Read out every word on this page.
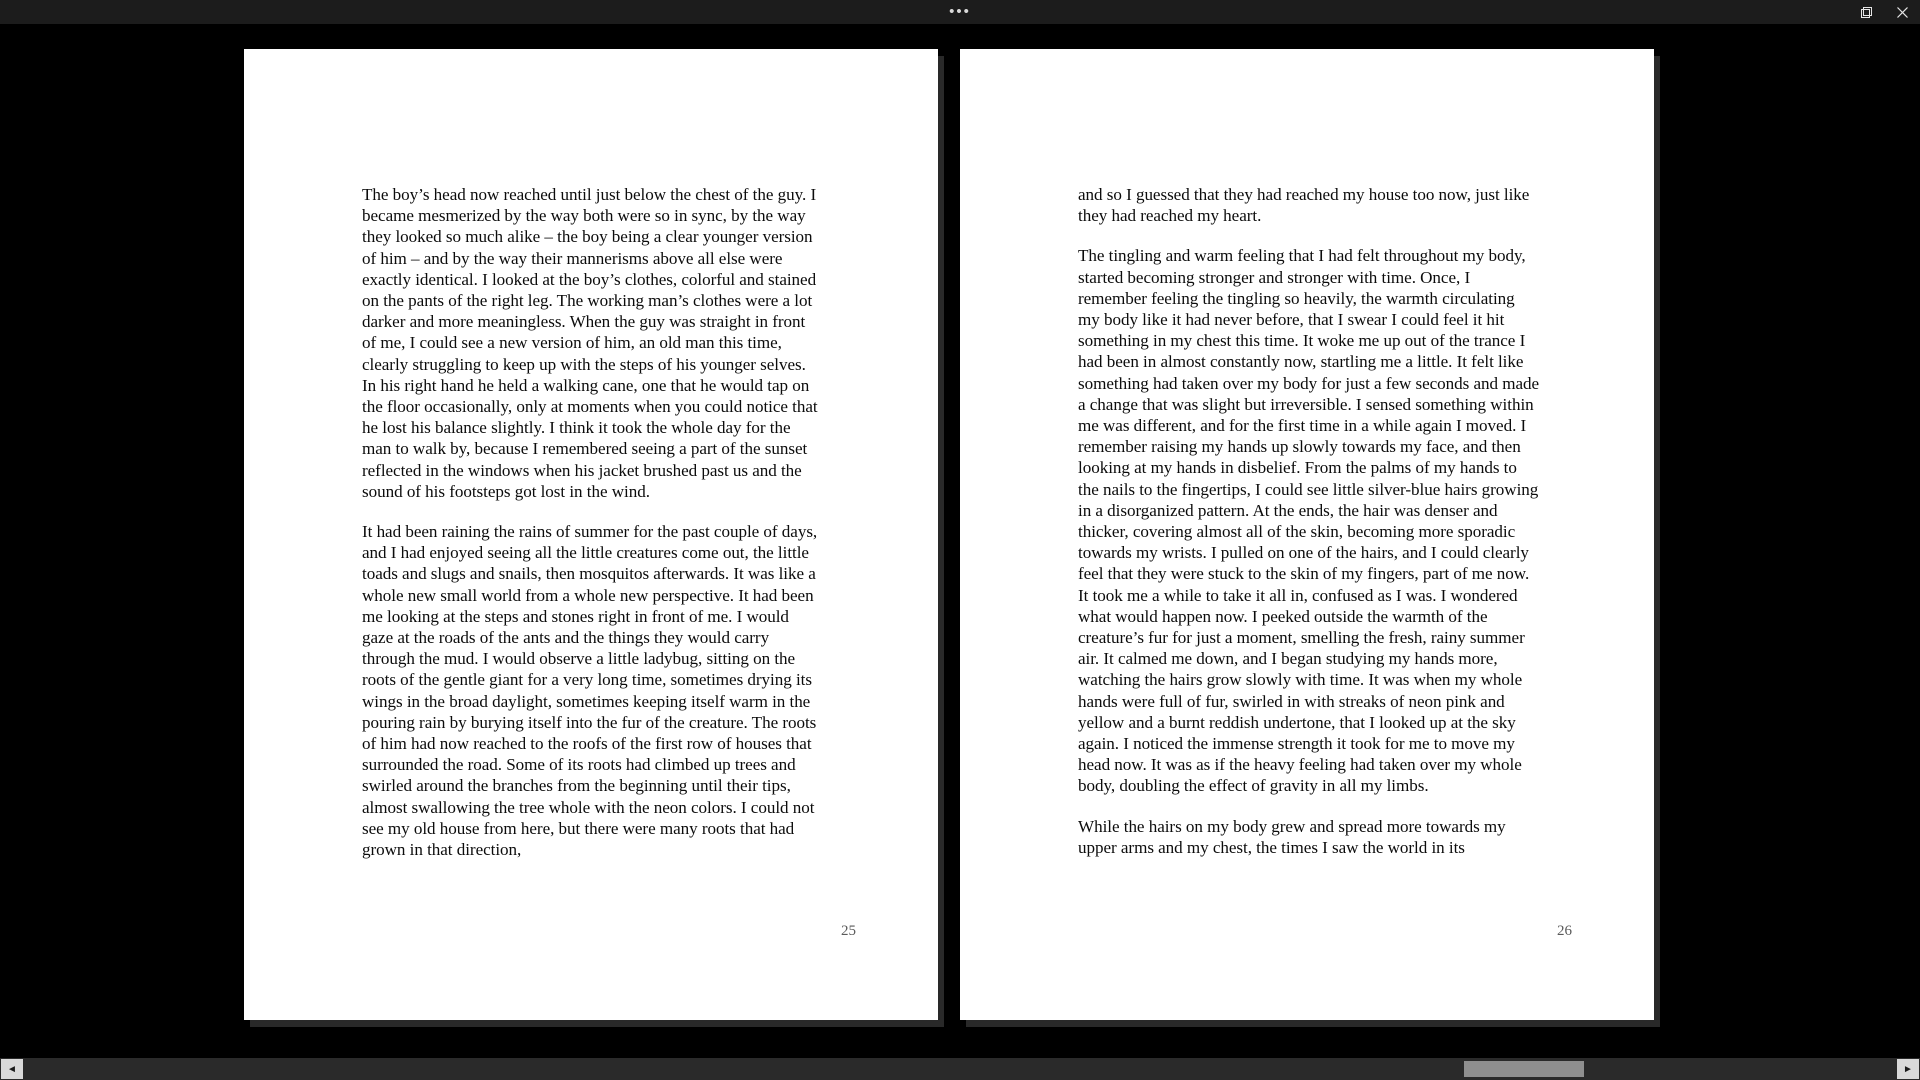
•••

The boy’s head now reached until just below the chest of the guy. I became mesmerized by the way both were so in sync, by the way they looked so much alike – the boy being a clear younger version of him – and by the way their mannerisms above all else were exactly identical. I looked at the boy’s clothes, colorful and stained on the pants of the right leg. The working man’s clothes were a lot darker and more meaningless. When the guy was straight in front of me, I could see a new version of him, an old man this time, clearly struggling to keep up with the steps of his younger selves. In his right hand he held a walking cane, one that he would tap on the floor occasionally, only at moments when you could notice that he lost his balance slightly. I think it took the whole day for the man to walk by, because I remembered seeing a part of the sunset reflected in the windows when his jacket brushed past us and the sound of his footsteps got lost in the wind.

It had been raining the rains of summer for the past couple of days, and I had enjoyed seeing all the little creatures come out, the little toads and slugs and snails, then mosquitos afterwards. It was like a whole new small world from a whole new perspective. It had been me looking at the steps and stones right in front of me. I would gaze at the roads of the ants and the things they would carry through the mud. I would observe a little ladybug, sitting on the roots of the gentle giant for a very long time, sometimes drying its wings in the broad daylight, sometimes keeping itself warm in the pouring rain by burying itself into the fur of the creature. The roots of him had now reached to the roofs of the first row of houses that surrounded the road. Some of its roots had climbed up trees and swirled around the branches from the beginning until their tips, almost swallowing the tree whole with the neon colors. I could not see my old house from here, but there were many roots that had grown in that direction,

25

and so I guessed that they had reached my house too now, just like they had reached my heart.

The tingling and warm feeling that I had felt throughout my body, started becoming stronger and stronger with time. Once, I remember feeling the tingling so heavily, the warmth circulating my body like it had never before, that I swear I could feel it hit something in my chest this time. It woke me up out of the trance I had been in almost constantly now, startling me a little. It felt like something had taken over my body for just a few seconds and made a change that was slight but irreversible. I sensed something within me was different, and for the first time in a while again I moved. I remember raising my hands up slowly towards my face, and then looking at my hands in disbelief. From the palms of my hands to the nails to the fingertips, I could see little silver-blue hairs growing in a disorganized pattern. At the ends, the hair was denser and thicker, covering almost all of the skin, becoming more sporadic towards my wrists. I pulled on one of the hairs, and I could clearly feel that they were stuck to the skin of my fingers, part of me now. It took me a while to take it all in, confused as I was. I wondered what would happen now. I peeked outside the warmth of the creature’s fur for just a moment, smelling the fresh, rainy summer air. It calmed me down, and I began studying my hands more, watching the hairs grow slowly with time. It was when my whole hands were full of fur, swirled in with streaks of neon pink and yellow and a burnt reddish undertone, that I looked up at the sky again. I noticed the immense strength it took for me to move my head now. It was as if the heavy feeling had taken over my whole body, doubling the effect of gravity in all my limbs.

While the hairs on my body grew and spread more towards my upper arms and my chest, the times I saw the world in its

26
◄	►
